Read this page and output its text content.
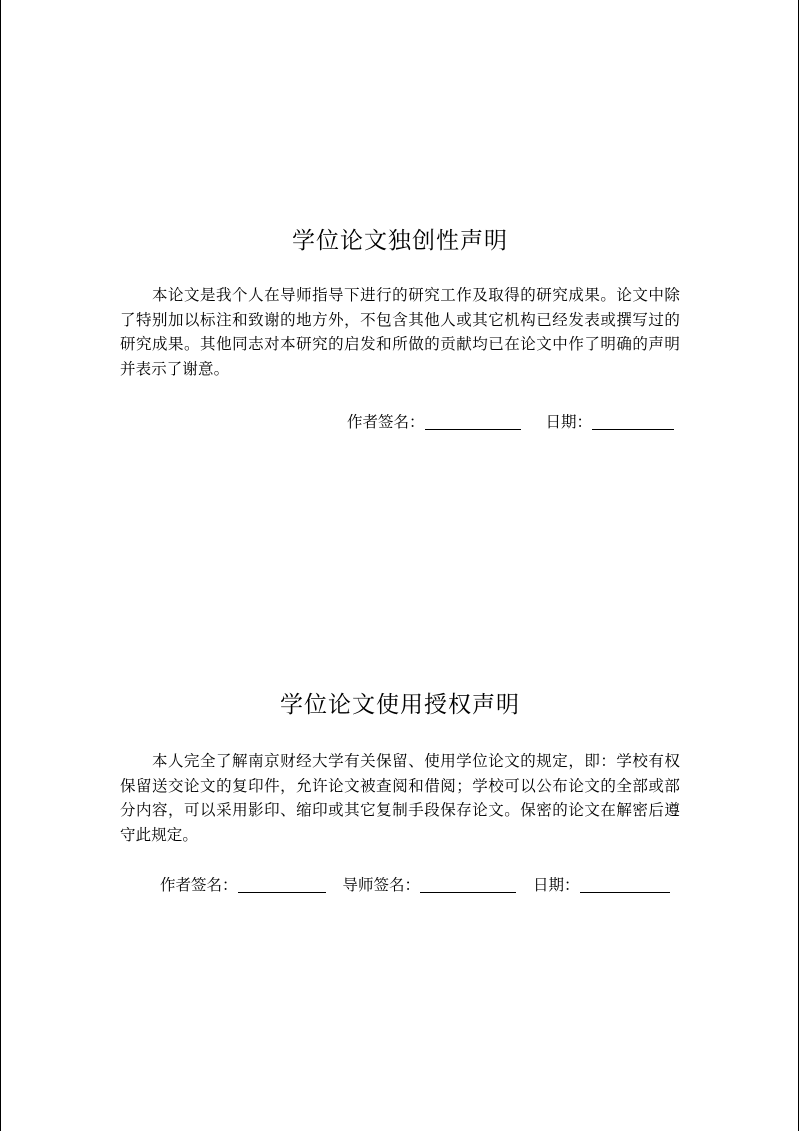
学位论文独创性声明

本论文是我个人在导师指导下进行的研究工作及取得的研究成果。论文中除了特别加以标注和致谢的地方外，不包含其他人或其它机构已经发表或撰写过的研究成果。其他同志对本研究的启发和所做的贡献均已在论文中作了明确的声明并表示了谢意。

作者签名：	日期：
学位论文使用授权声明

本人完全了解南京财经大学有关保留、使用学位论文的规定，即：学校有权保留送交论文的复印件，允许论文被查阅和借阅；学校可以公布论文的全部或部分内容，可以采用影印、缩印或其它复制手段保存论文。保密的论文在解密后遵守此规定。

作者签名：	导师签名：	日期：
